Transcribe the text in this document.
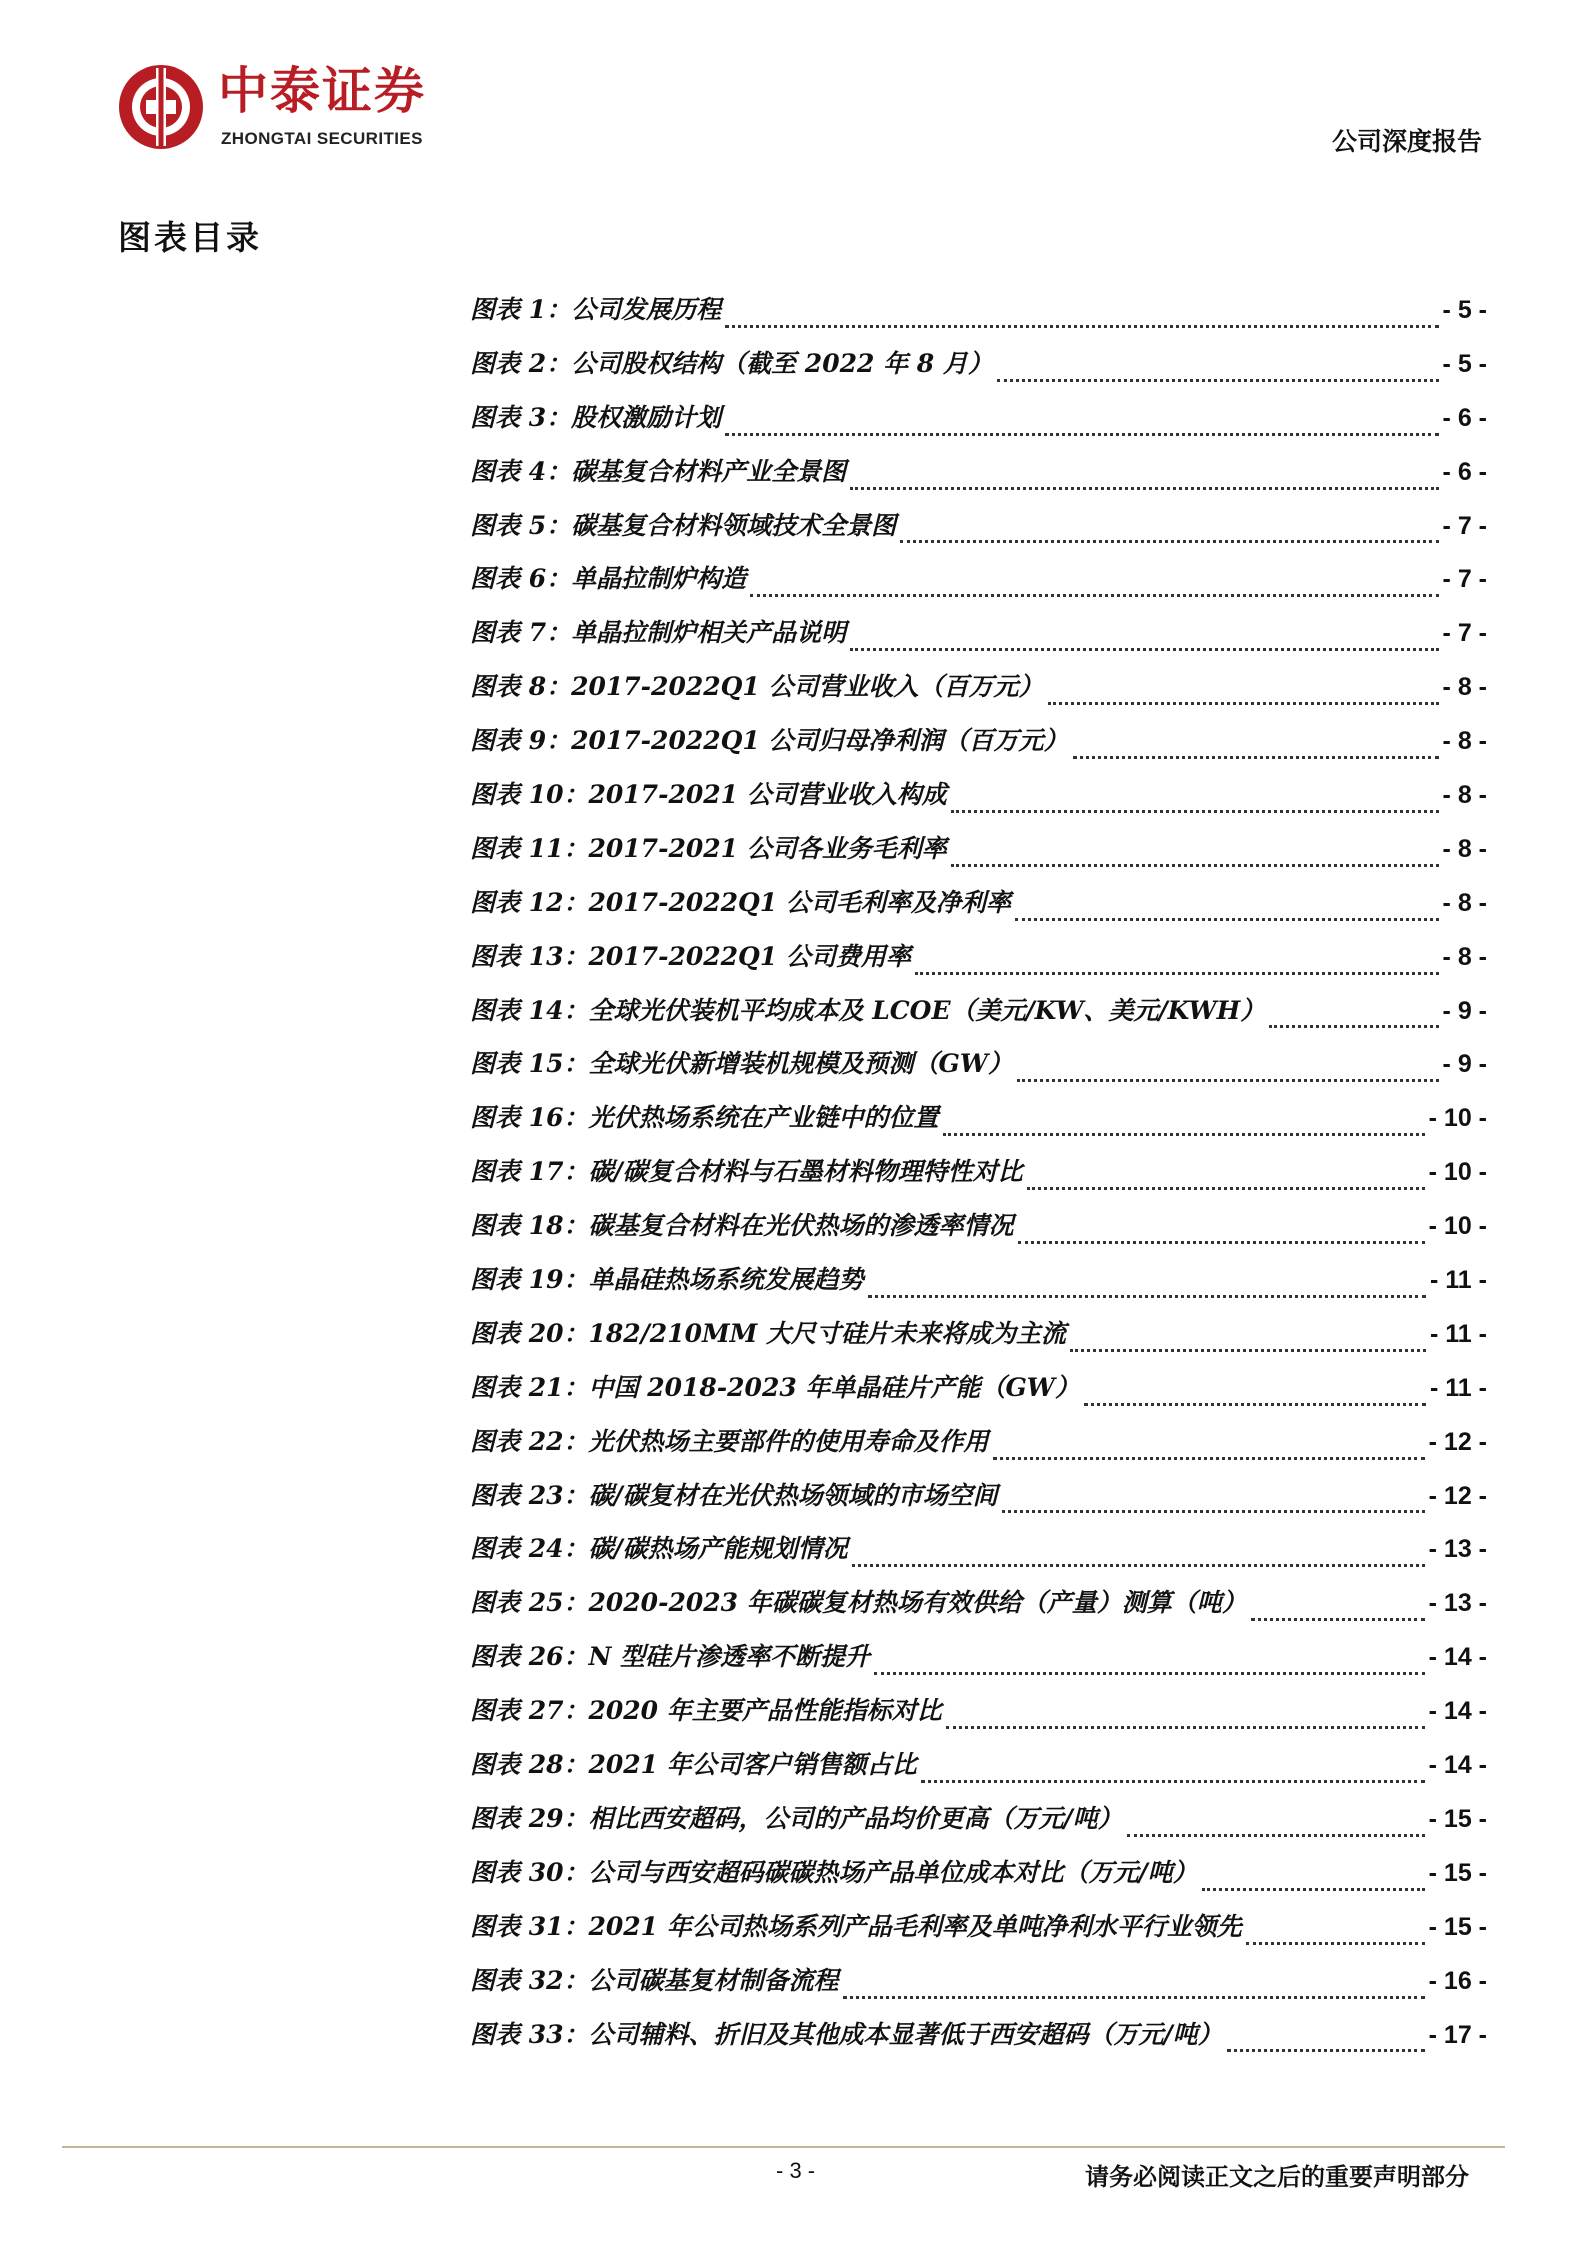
中泰证券
ZHONGTAI SECURITIES	公司深度报告
图表目录
图表 1：公司发展历程	- 5 -
图表 2：公司股权结构（截至 2022 年 8 月）	- 5 -
图表 3：股权激励计划	- 6 -
图表 4：碳基复合材料产业全景图	- 6 -
图表 5：碳基复合材料领域技术全景图	- 7 -
图表 6：单晶拉制炉构造	- 7 -
图表 7：单晶拉制炉相关产品说明	- 7 -
图表 8：2017-2022Q1 公司营业收入（百万元）	- 8 -
图表 9：2017-2022Q1 公司归母净利润（百万元）	- 8 -
图表 10：2017-2021 公司营业收入构成	- 8 -
图表 11：2017-2021 公司各业务毛利率	- 8 -
图表 12：2017-2022Q1 公司毛利率及净利率	- 8 -
图表 13：2017-2022Q1 公司费用率	- 8 -
图表 14：全球光伏装机平均成本及 LCOE（美元/KW、美元/KWH）	- 9 -
图表 15：全球光伏新增装机规模及预测（GW）	- 9 -
图表 16：光伏热场系统在产业链中的位置	- 10 -
图表 17：碳/碳复合材料与石墨材料物理特性对比	- 10 -
图表 18：碳基复合材料在光伏热场的渗透率情况	- 10 -
图表 19：单晶硅热场系统发展趋势	- 11 -
图表 20：182/210MM 大尺寸硅片未来将成为主流	- 11 -
图表 21：中国 2018-2023 年单晶硅片产能（GW）	- 11 -
图表 22：光伏热场主要部件的使用寿命及作用	- 12 -
图表 23：碳/碳复材在光伏热场领域的市场空间	- 12 -
图表 24：碳/碳热场产能规划情况	- 13 -
图表 25：2020-2023 年碳碳复材热场有效供给（产量）测算（吨）	- 13 -
图表 26：N 型硅片渗透率不断提升	- 14 -
图表 27：2020 年主要产品性能指标对比	- 14 -
图表 28：2021 年公司客户销售额占比	- 14 -
图表 29：相比西安超码，公司的产品均价更高（万元/吨）	- 15 -
图表 30：公司与西安超码碳碳热场产品单位成本对比（万元/吨）	- 15 -
图表 31：2021 年公司热场系列产品毛利率及单吨净利水平行业领先	- 15 -
图表 32：公司碳基复材制备流程	- 16 -
图表 33：公司辅料、折旧及其他成本显著低于西安超码（万元/吨）	- 17 -
- 3 -	请务必阅读正文之后的重要声明部分
